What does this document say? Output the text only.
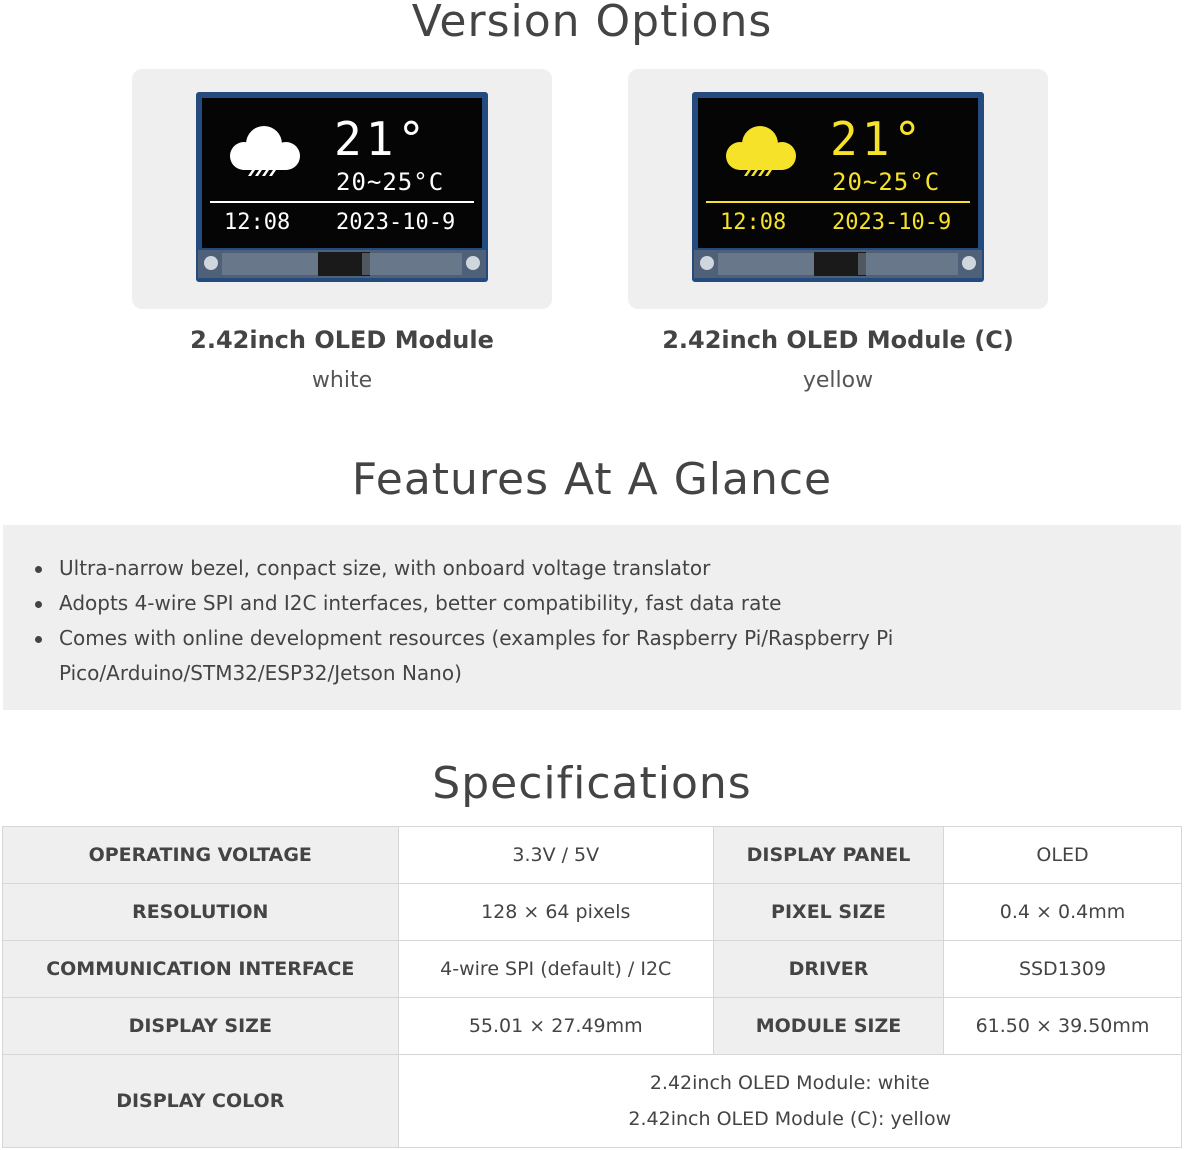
Version Options
21°
20~25°C
12:08 2023-10-9
2.42inch OLED Module
white
21°
20~25°C
12:08 2023-10-9
2.42inch OLED Module (C)
yellow
Features At A Glance
Ultra-narrow bezel, conpact size, with onboard voltage translator
Adopts 4-wire SPI and I2C interfaces, better compatibility, fast data rate
Comes with online development resources (examples for Raspberry Pi/Raspberry Pi Pico/Arduino/STM32/ESP32/Jetson Nano)
Specifications
OPERATING VOLTAGE	3.3V / 5V	DISPLAY PANEL	OLED
RESOLUTION	128 × 64 pixels	PIXEL SIZE	0.4 × 0.4mm
COMMUNICATION INTERFACE	4-wire SPI (default) / I2C	DRIVER	SSD1309
DISPLAY SIZE	55.01 × 27.49mm	MODULE SIZE	61.50 × 39.50mm
DISPLAY COLOR	2.42inch OLED Module: white
2.42inch OLED Module (C): yellow		
